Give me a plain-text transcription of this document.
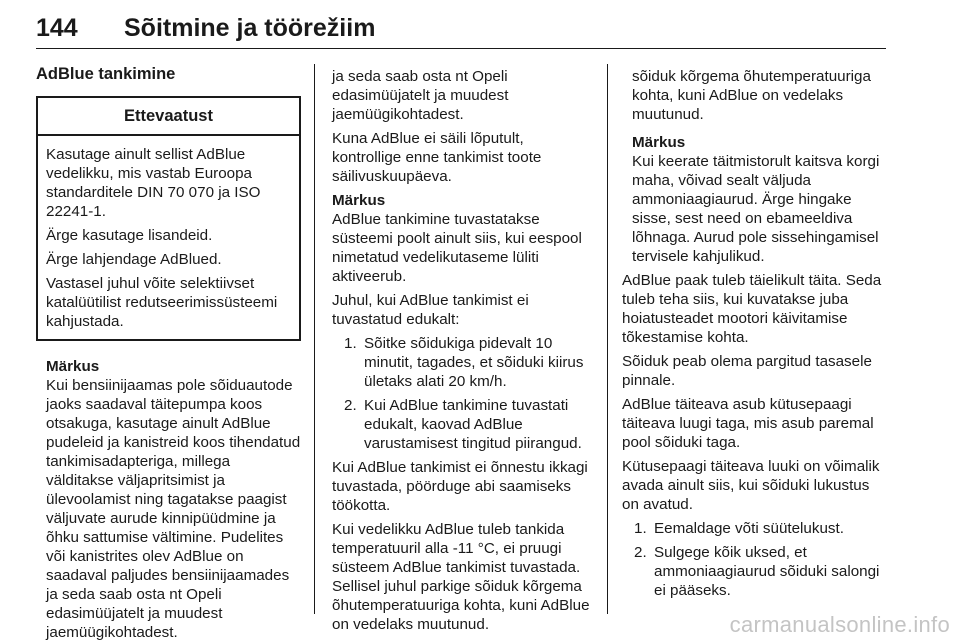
144 Sõitmine ja töörežiim
AdBlue tankimine
Ettevaatust

Kasutage ainult sellist AdBlue vedelikku, mis vastab Euroopa standarditele DIN 70 070 ja ISO 22241-1.

Ärge kasutage lisandeid.

Ärge lahjendage AdBlued.

Vastasel juhul võite selektiivset katalüütilist redutseerimissüsteemi kahjustada.

Märkus
Kui bensiinijaamas pole sõiduautode jaoks saadaval täitepumpa koos otsakuga, kasutage ainult AdBlue pudeleid ja kanistreid koos tihendatud tankimisadapteriga, millega välditakse väljapritsimist ja ülevoolamist ning tagatakse paagist väljuvate aurude kinnipüüdmine ja õhku sattumise vältimine. Pudelites või kanistrites olev AdBlue on saadaval paljudes bensiinijaamades ja seda saab osta nt Opeli edasimüüjatelt ja muudest jaemüügikohtadest.
ja seda saab osta nt Opeli edasimüüjatelt ja muudest jaemüügikohtadest.

Kuna AdBlue ei säili lõputult, kontrollige enne tankimist toote säilivuskuupäeva.

Märkus

AdBlue tankimine tuvastatakse süsteemi poolt ainult siis, kui eespool nimetatud vedelikutaseme lüliti aktiveerub.

Juhul, kui AdBlue tankimist ei tuvastatud edukalt:

1. Sõitke sõidukiga pidevalt 10 minutit, tagades, et sõiduki kiirus ületaks alati 20 km/h.
2. Kui AdBlue tankimine tuvastati edukalt, kaovad AdBlue varustamisest tingitud piirangud.

Kui AdBlue tankimist ei õnnestu ikkagi tuvastada, pöörduge abi saamiseks töökotta.

Kui vedelikku AdBlue tuleb tankida temperatuuril alla -11 °C, ei pruugi süsteem AdBlue tankimist tuvastada. Sellisel juhul parkige sõiduk kõrgema õhutemperatuuriga kohta, kuni AdBlue on vedelaks muutunud.

sõiduk kõrgema õhutemperatuuriga kohta, kuni AdBlue on vedelaks muutunud.
Märkus

Kui keerate täitmistorult kaitsva korgi maha, võivad sealt väljuda ammoniaagiaurud. Ärge hingake sisse, sest need on ebameeldiva lõhnaga. Aurud pole sissehingamisel tervisele kahjulikud.

AdBlue paak tuleb täielikult täita. Seda tuleb teha siis, kui kuvatakse juba hoiatusteadet mootori käivitamise tõkestamise kohta.

Sõiduk peab olema pargitud tasasele pinnale.

AdBlue täiteava asub kütusepaagi täiteava luugi taga, mis asub paremal pool sõiduki taga.

Kütusepaagi täiteava luuki on võimalik avada ainult siis, kui sõiduki lukustus on avatud.

1. Eemaldage võti süütelukust.
2. Sulgege kõik uksed, et ammoniaagiaurud sõiduki salongi ei pääseks.
carmanualsonline.info
